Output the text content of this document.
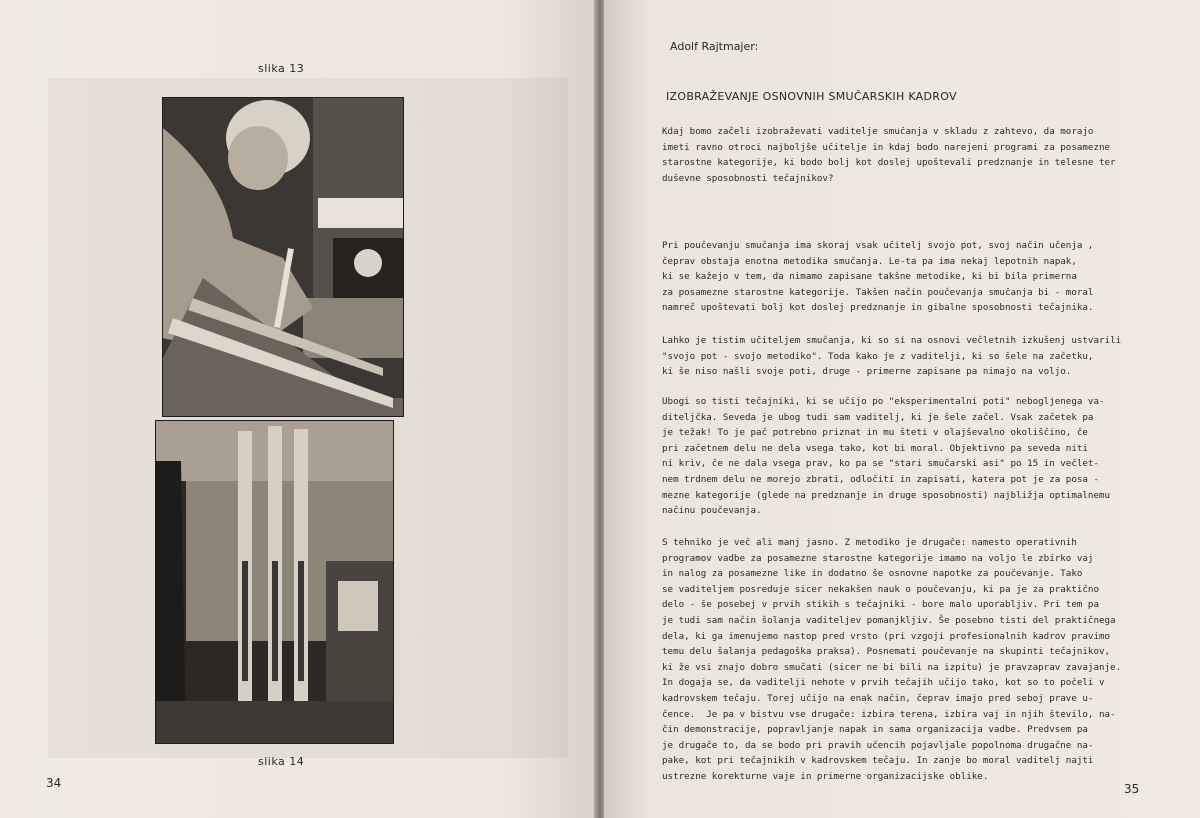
slika 13
slika 14
34
Adolf Rajtmajer:
IZOBRAŽEVANJE OSNOVNIH SMUČARSKIH KADROV

Kdaj bomo začeli izobraževati vaditelje smučanja v skladu z zahtevo, da morajo
imeti ravno otroci najboljše učitelje in kdaj bodo narejeni programi za posamezne
starostne kategorije, ki bodo bolj kot doslej upoštevali predznanje in telesne ter
duševne sposobnosti tečajnikov?

Pri poučevanju smučanja ima skoraj vsak učitelj svojo pot, svoj način učenja ,
čeprav obstaja enotna metodika smučanja. Le-ta pa ima nekaj lepotnih napak,
ki se kažejo v tem, da nimamo zapisane takšne metodike, ki bi bila primerna
za posamezne starostne kategorije. Takšen način poučevanja smučanja bi - moral
namreč upoštevati bolj kot doslej predznanje in gibalne sposobnosti tečajnika.

Lahko je tistim učiteljem smučanja, ki so si na osnovi večletnih izkušenj ustvarili
"svojo pot - svojo metodiko". Toda kako je z vaditelji, ki so šele na začetku,
ki še niso našli svoje poti, druge - primerne zapisane pa nimajo na voljo.

Ubogi so tisti tečajniki, ki se učijo po "eksperimentalni poti" neboglјenega va-
diteljčka. Seveda je ubog tudi sam vaditelj, ki je šele začel. Vsak začetek pa
je težak! To je pač potrebno priznat in mu šteti v olajševalno okoliščino, če
pri začetnem delu ne dela vsega tako, kot bi moral. Objektivno pa seveda niti
ni kriv, če ne dala vsega prav, ko pa se "stari smučarski asi" po 15 in večlet-
nem trdnem delu ne morejo zbrati, odločiti in zapisati, katera pot je za posa -
mezne kategorije (glede na predznanje in druge sposobnosti) najbližja optimalnemu
načinu poučevanja.

S tehniko je več ali manj jasno. Z metodiko je drugače: namesto operativnih
programov vadbe za posamezne starostne kategorije imamo na voljo le zbirko vaj
in nalog za posamezne like in dodatno še osnovne napotke za poučevanje. Tako
se vaditeljem posreduje sicer nekakšen nauk o poučevanju, ki pa je za praktično
delo - še posebej v prvih stikih s tečajniki - bore malo uporabljiv. Pri tem pa
je tudi sam način šolanja vaditeljev pomanjkljiv. Še posebno tisti del praktičnega
dela, ki ga imenujemo nastop pred vrsto (pri vzgoji profesionalnih kadrov pravimo
temu delu šalanja pedagoška praksa). Posnemati poučevanje na skupinti tečajnikov,
ki že vsi znajo dobro smučati (sicer ne bi bili na izpitu) je pravzaprav zavajanje.
In dogaja se, da vaditelji nehote v prvih tečajih učijo tako, kot so to počeli v
kadrovskem tečaju. Torej učijo na enak način, čeprav imajo pred seboj prave u-
čence.  Je pa v bistvu vse drugače: izbira terena, izbira vaj in njih število, na-
čin demonstracije, popravljanje napak in sama organizacija vadbe. Predvsem pa
je drugače to, da se bodo pri pravih učencih pojavljale popolnoma drugačne na-
pake, kot pri tečajnikih v kadrovskem tečaju. In zanje bo moral vaditelj najti
ustrezne korekturne vaje in primerne organizacijske oblike.

35
